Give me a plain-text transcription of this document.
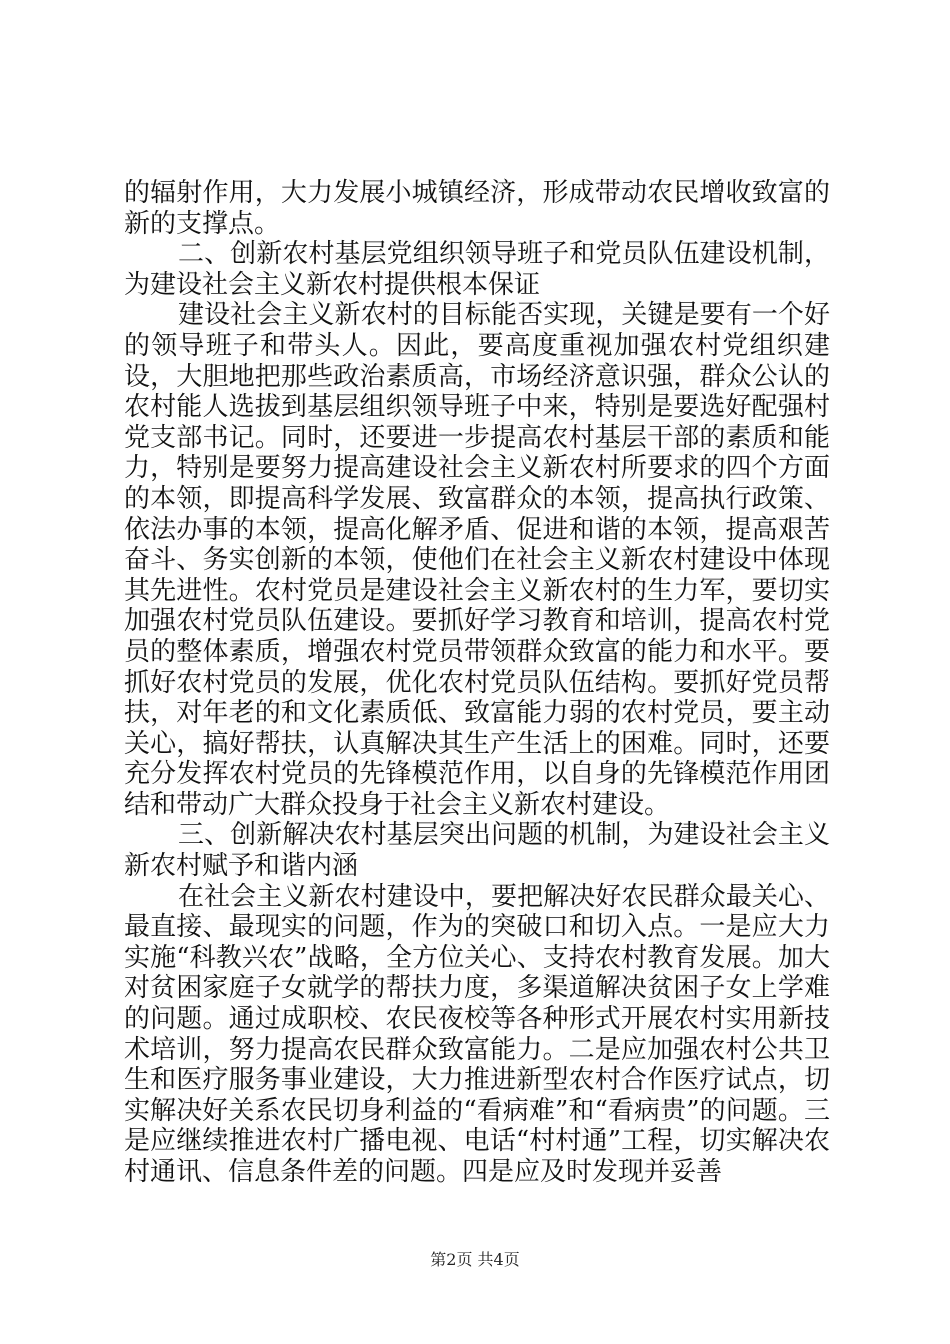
的辐射作用，大力发展小城镇经济，形成带动农民增收致富的新的支撑点。

二、创新农村基层党组织领导班子和党员队伍建设机制，为建设社会主义新农村提供根本保证

建设社会主义新农村的目标能否实现，关键是要有一个好的领导班子和带头人。因此，要高度重视加强农村党组织建设，大胆地把那些政治素质高，市场经济意识强，群众公认的农村能人选拔到基层组织领导班子中来，特别是要选好配强村党支部书记。同时，还要进一步提高农村基层干部的素质和能力，特别是要努力提高建设社会主义新农村所要求的四个方面的本领，即提高科学发展、致富群众的本领，提高执行政策、依法办事的本领，提高化解矛盾、促进和谐的本领，提高艰苦奋斗、务实创新的本领，使他们在社会主义新农村建设中体现其先进性。农村党员是建设社会主义新农村的生力军，要切实加强农村党员队伍建设。要抓好学习教育和培训，提高农村党员的整体素质，增强农村党员带领群众致富的能力和水平。要抓好农村党员的发展，优化农村党员队伍结构。要抓好党员帮扶，对年老的和文化素质低、致富能力弱的农村党员，要主动关心，搞好帮扶，认真解决其生产生活上的困难。同时，还要充分发挥农村党员的先锋模范作用，以自身的先锋模范作用团结和带动广大群众投身于社会主义新农村建设。

三、创新解决农村基层突出问题的机制，为建设社会主义新农村赋予和谐内涵

在社会主义新农村建设中，要把解决好农民群众最关心、最直接、最现实的问题，作为的突破口和切入点。一是应大力实施“科教兴农”战略，全方位关心、支持农村教育发展。加大对贫困家庭子女就学的帮扶力度，多渠道解决贫困子女上学难的问题。通过成职校、农民夜校等各种形式开展农村实用新技术培训，努力提高农民群众致富能力。二是应加强农村公共卫生和医疗服务事业建设，大力推进新型农村合作医疗试点，切实解决好关系农民切身利益的“看病难”和“看病贵”的问题。三是应继续推进农村广播电视、电话“村村通”工程，切实解决农村通讯、信息条件差的问题。四是应及时发现并妥善

第2页 共4页
